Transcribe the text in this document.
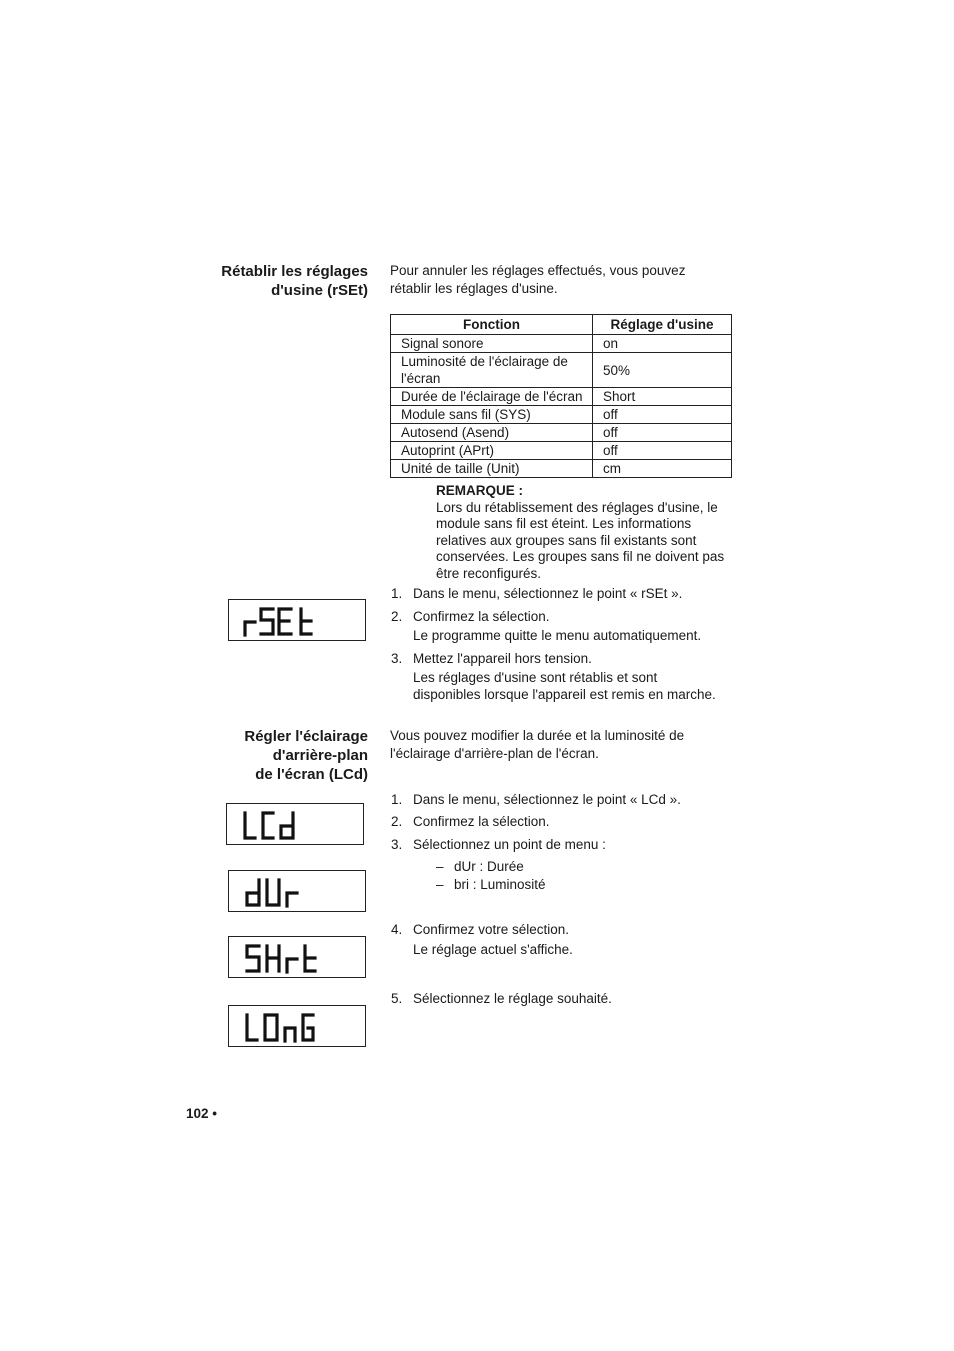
Rétablir les réglages
d'usine (rSEt)
Pour annuler les réglages effectués, vous pouvez
rétablir les réglages d'usine.
Fonction	Réglage d'usine
Signal sonore	on

Luminosité de l'éclairage de
l'écran	50%
Durée de l'éclairage de l'écran	Short
Module sans fil (SYS)	off
Autosend (Asend)	off
Autoprint (APrt)	off
Unité de taille (Unit)	cm
REMARQUE :
Lors du rétablissement des réglages d'usine, le
module sans fil est éteint. Les informations
relatives aux groupes sans fil existants sont
conservées. Les groupes sans fil ne doivent pas
être reconfigurés.
1. Dans le menu, sélectionnez le point « rSEt ».
2. Confirmez la sélection.
Le programme quitte le menu automatiquement.
3. Mettez l'appareil hors tension.
Les réglages d'usine sont rétablis et sont
disponibles lorsque l'appareil est remis en marche.
Régler l'éclairage
d'arrière-plan
de l'écran (LCd)
Vous pouvez modifier la durée et la luminosité de
l'éclairage d'arrière-plan de l'écran.
1. Dans le menu, sélectionnez le point « LCd ».
2. Confirmez la sélection.
3. Sélectionnez un point de menu :
– dUr : Durée
– bri : Luminosité
4. Confirmez votre sélection.
Le réglage actuel s'affiche.
5. Sélectionnez le réglage souhaité.
102 •
